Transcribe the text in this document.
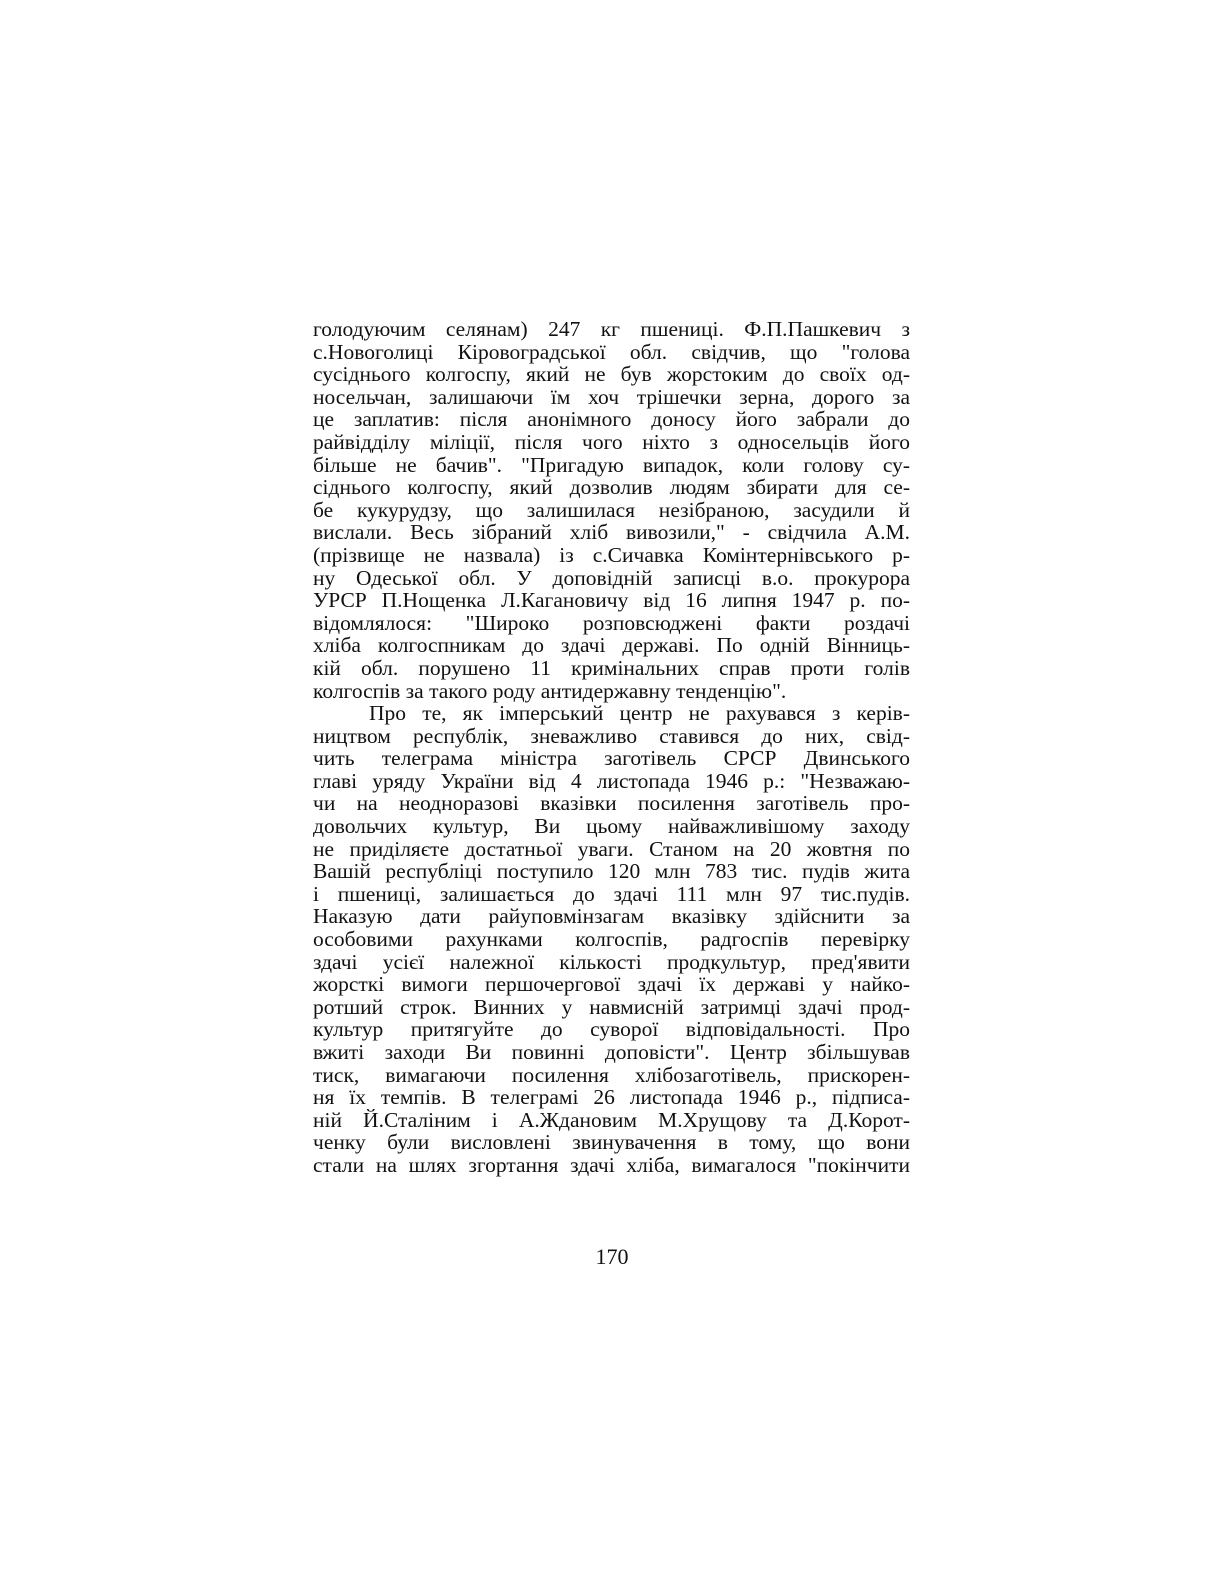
голодуючим селянам) 247 кг пшениці. Ф.П.Пашкевич з
с.Новоголиці Кіровоградської обл. свідчив, що "голова
сусіднього колгоспу, який не був жорстоким до своїх од-
носельчан, залишаючи їм хоч трішечки зерна, дорого за
це заплатив: після анонімного доносу його забрали до
райвідділу міліції, після чого ніхто з односельців його
більше не бачив". "Пригадую випадок, коли голову су-
сіднього колгоспу, який дозволив людям збирати для се-
бе кукурудзу, що залишилася незібраною, засудили й
вислали. Весь зібраний хліб вивозили," - свідчила А.М.
(прізвище не назвала) із с.Сичавка Комінтернівського р-
ну Одеської обл. У доповідній записці в.о. прокурора
УРСР П.Нощенка Л.Кагановичу від 16 липня 1947 р. по-
відомлялося: "Широко розповсюджені факти роздачі
хліба колгоспникам до здачі державі. По одній Вінниць-
кій обл. порушено 11 кримінальних справ проти голів
колгоспів за такого роду антидержавну тенденцію".
Про те, як імперський центр не рахувався з керів-
ництвом республік, зневажливо ставився до них, свід-
чить телеграма міністра заготівель СРСР Двинського
главі уряду України від 4 листопада 1946 р.: "Незважаю-
чи на неодноразові вказівки посилення заготівель про-
довольчих культур, Ви цьому найважливішому заходу
не приділяєте достатньої уваги. Станом на 20 жовтня по
Вашій республіці поступило 120 млн 783 тис. пудів жита
і пшениці, залишається до здачі 111 млн 97 тис.пудів.
Наказую дати райуповмінзагам вказівку здійснити за
особовими рахунками колгоспів, радгоспів перевірку
здачі усієї належної кількості продкультур, пред'явити
жорсткі вимоги першочергової здачі їх державі у найко-
ротший строк. Винних у навмисній затримці здачі прод-
культур притягуйте до суворої відповідальності. Про
вжиті заходи Ви повинні доповісти". Центр збільшував
тиск, вимагаючи посилення хлібозаготівель, прискорен-
ня їх темпів. В телеграмі 26 листопада 1946 р., підписа-
ній Й.Сталіним і А.Ждановим М.Хрущову та Д.Корот-
ченку були висловлені звинувачення в тому, що вони
стали на шлях згортання здачі хліба, вимагалося "покінчити
170
